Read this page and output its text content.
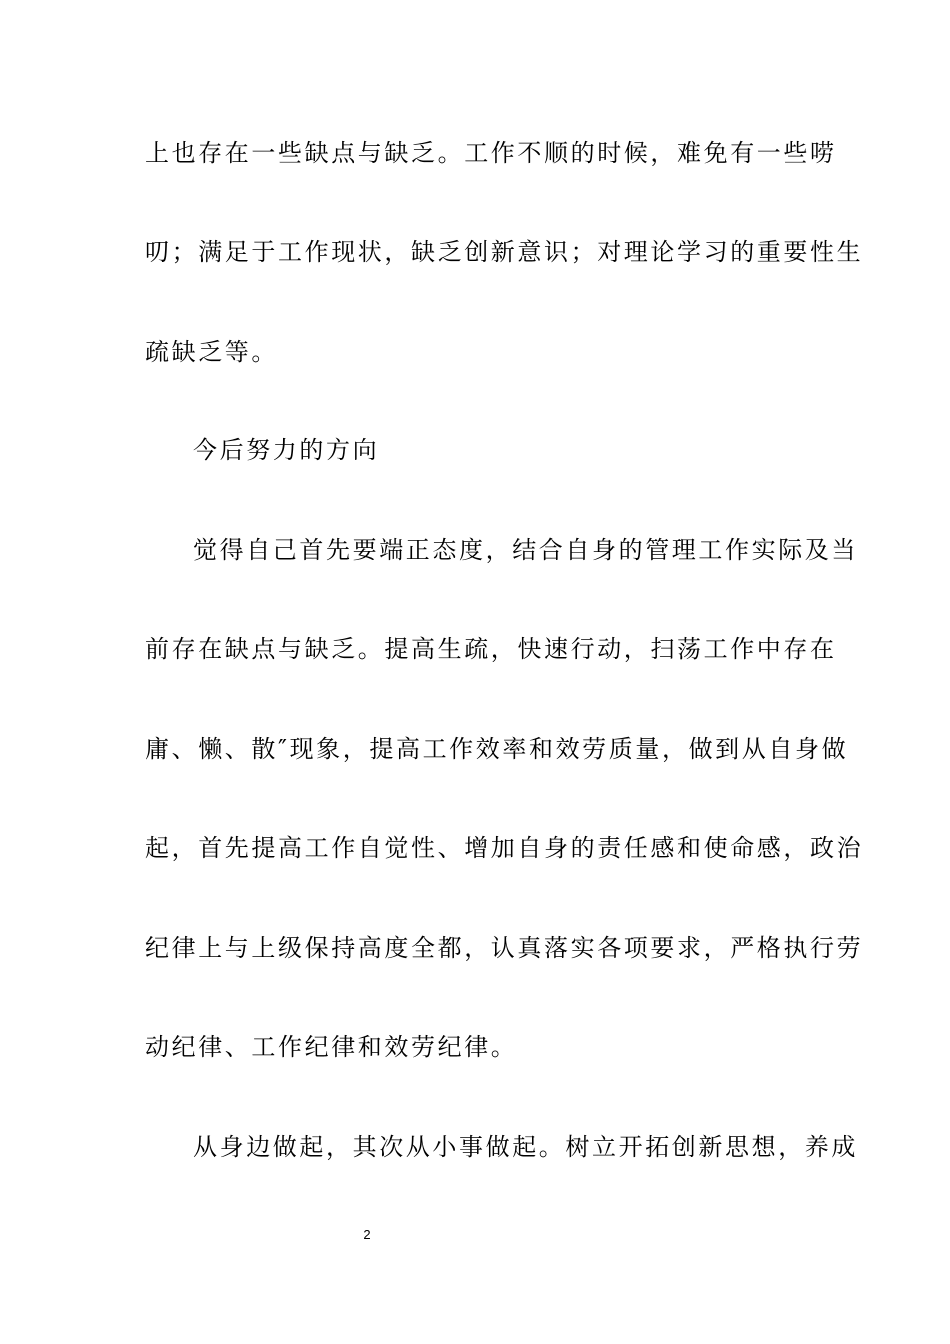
上也存在一些缺点与缺乏。工作不顺的时候，难免有一些唠
叨；满足于工作现状，缺乏创新意识；对理论学习的重要性生
疏缺乏等。
今后努力的方向
觉得自己首先要端正态度，结合自身的管理工作实际及当
前存在缺点与缺乏。提高生疏，快速行动，扫荡工作中存在
庸、懒、散″现象，提高工作效率和效劳质量，做到从自身做
起，首先提高工作自觉性、增加自身的责任感和使命感，政治
纪律上与上级保持高度全都，认真落实各项要求，严格执行劳
动纪律、工作纪律和效劳纪律。
从身边做起，其次从小事做起。树立开拓创新思想，养成
2
